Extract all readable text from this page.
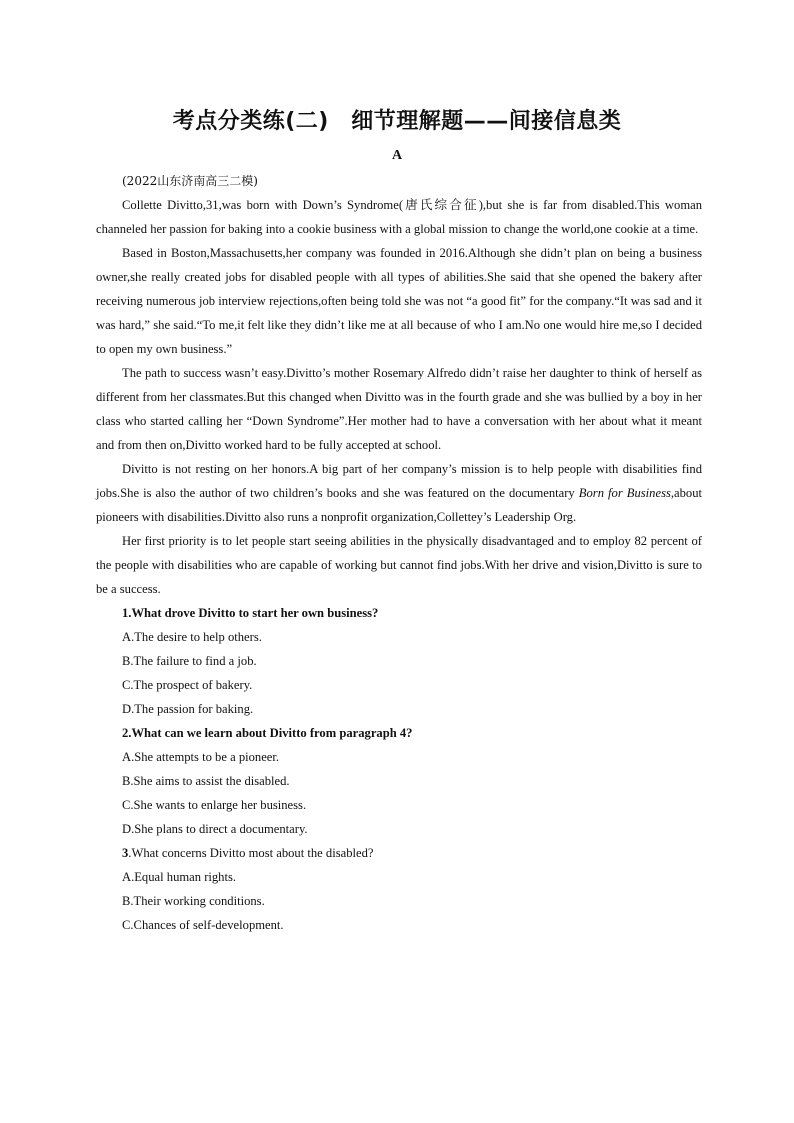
考点分类练(二)　细节理解题——间接信息类
A

(2022山东济南高三二模)

Collette Divitto,31,was born with Down’s Syndrome(唐氏综合征),but she is far from disabled.This woman channeled her passion for baking into a cookie business with a global mission to change the world,one cookie at a time.

Based in Boston,Massachusetts,her company was founded in 2016.Although she didn’t plan on being a business owner,she really created jobs for disabled people with all types of abilities.She said that she opened the bakery after receiving numerous job interview rejections,often being told she was not “a good fit” for the company.“It was sad and it was hard,” she said.“To me,it felt like they didn’t like me at all because of who I am.No one would hire me,so I decided to open my own business.”

The path to success wasn’t easy.Divitto’s mother Rosemary Alfredo didn’t raise her daughter to think of herself as different from her classmates.But this changed when Divitto was in the fourth grade and she was bullied by a boy in her class who started calling her “Down Syndrome”.Her mother had to have a conversation with her about what it meant and from then on,Divitto worked hard to be fully accepted at school.

Divitto is not resting on her honors.A big part of her company’s mission is to help people with disabilities find jobs.She is also the author of two children’s books and she was featured on the documentary Born for Business,about pioneers with disabilities.Divitto also runs a nonprofit organization,Collettey’s Leadership Org.

Her first priority is to let people start seeing abilities in the physically disadvantaged and to employ 82 percent of the people with disabilities who are capable of working but cannot find jobs.With her drive and vision,Divitto is sure to be a success.

1.What drove Divitto to start her own business?

A.The desire to help others.

B.The failure to find a job.

C.The prospect of bakery.

D.The passion for baking.

2.What can we learn about Divitto from paragraph 4?

A.She attempts to be a pioneer.

B.She aims to assist the disabled.

C.She wants to enlarge her business.

D.She plans to direct a documentary.

3.What concerns Divitto most about the disabled?

A.Equal human rights.

B.Their working conditions.

C.Chances of self-development.
